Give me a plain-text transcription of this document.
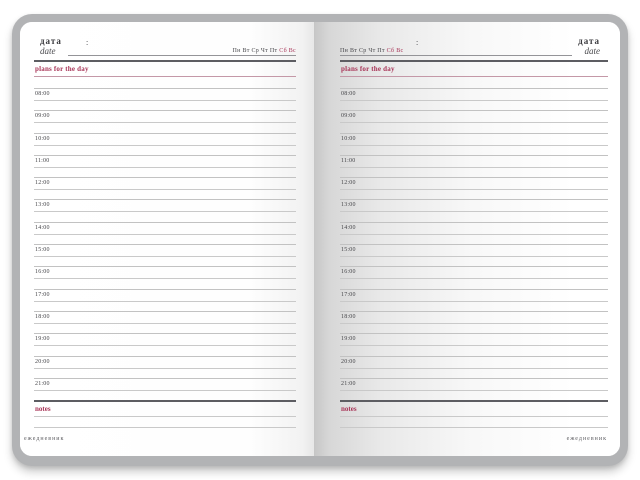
дата
date
:
Пн Вт Ср Чт Пт Сб Вс
plans for the day
08:00
09:00
10:00
11:00
12:00
13:00
14:00
15:00
16:00
17:00
18:00
19:00
20:00
21:00
notes
ежедневник
Пн Вт Ср Чт Пт Сб Вс
:	дата
date
plans for the day
08:00
09:00
10:00
11:00
12:00
13:00
14:00
15:00
16:00
17:00
18:00
19:00
20:00
21:00
notes
ежедневник
